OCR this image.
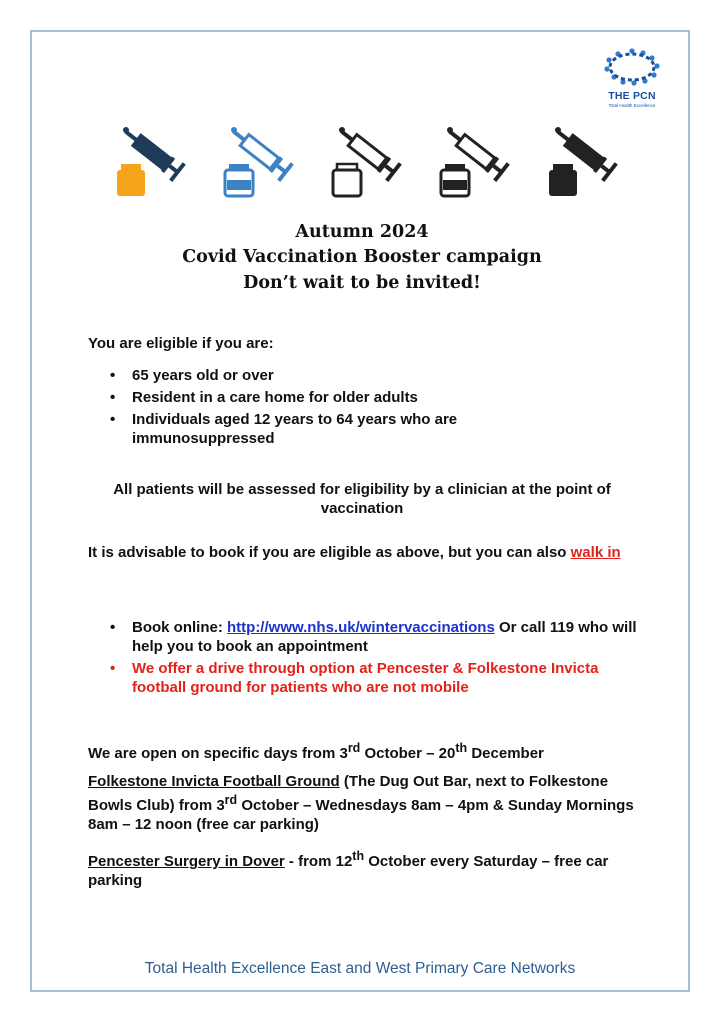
THE PCN
Total Health Excellence
Autumn 2024
Covid Vaccination Booster campaign
Don’t wait to be invited!

You are eligible if you are:

• 65 years old or over
• Resident in a care home for older adults
• Individuals aged 12 years to 64 years who are immunosuppressed

All patients will be assessed for eligibility by a clinician at the point of vaccination

It is advisable to book if you are eligible as above, but you can also walk in

• Book online: http://www.nhs.uk/wintervaccinations Or call 119 who will help you to book an appointment
• We offer a drive through option at Pencester & Folkestone Invicta football ground for patients who are not mobile

We are open on specific days from 3rd October – 20th December

Folkestone Invicta Football Ground (The Dug Out Bar, next to Folkestone Bowls Club) from 3rd October – Wednesdays 8am – 4pm & Sunday Mornings 8am – 12 noon (free car parking)

Pencester Surgery in Dover - from 12th October every Saturday – free car parking

Total Health Excellence East and West Primary Care Networks
